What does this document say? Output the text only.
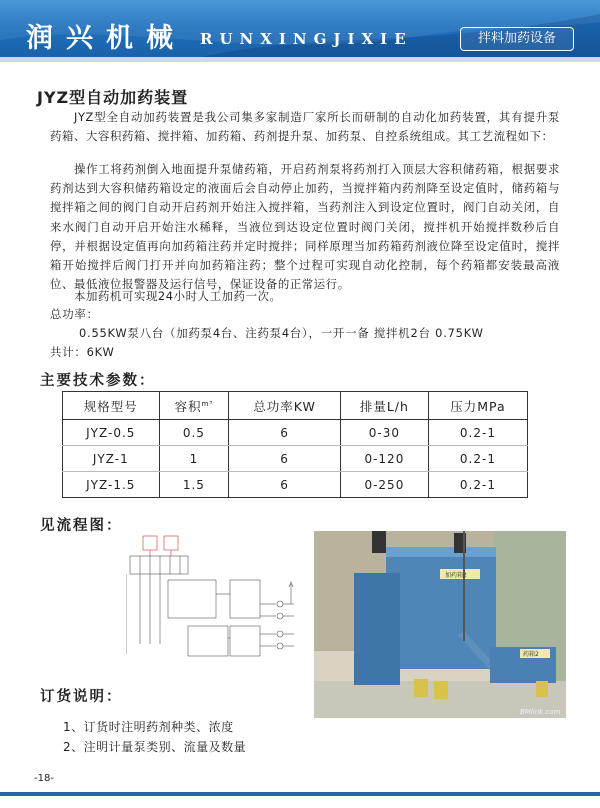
润兴机械 RUNXINGJIXIE	拌料加药设备
JYZ型自动加药装置
JYZ型全自动加药装置是我公司集多家制造厂家所长而研制的自动化加药装置，其有提升泵药箱、大容积药箱、搅拌箱、加药箱、药剂提升泵、加药泵、自控系统组成。其工艺流程如下：
操作工将药剂倒入地面提升泵储药箱，开启药剂泵将药剂打入顶层大容积储药箱，根据要求药剂达到大容积储药箱设定的液面后会自动停止加药，当搅拌箱内药剂降至设定值时，储药箱与搅拌箱之间的阀门自动开启药剂开始注入搅拌箱，当药剂注入到设定位置时，阀门自动关闭，自来水阀门自动开启开始注水稀释，当液位到达设定位置时阀门关闭，搅拌机开始搅拌数秒后自停，并根据设定值再向加药箱注药并定时搅拌；同样原理当加药箱药剂液位降至设定值时，搅拌箱开始搅拌后阀门打开并向加药箱注药；整个过程可实现自动化控制，每个药箱都安装最高液位、最低液位报警器及运行信号，保证设备的正常运行。
本加药机可实现24小时人工加药一次。
总功率：
0.55KW泵八台（加药泵4台、注药泵4台），一开一备 搅拌机2台 0.75KW
共计：6KW
主要技术参数：
规格型号	容积$^{m^3}$	总功率KW	排量L/h	压力MPa
JYZ-0.5	0.5	6	0-30	0.2-1
JYZ-1	1	6	0-120	0.2-1
JYZ-1.5	1.5	6	0-250	0.2-1
见流程图：
加药箱2
药箱2
BMlink.com
订货说明：
1、订货时注明药剂种类、浓度
2、注明计量泵类别、流量及数量
-18-
